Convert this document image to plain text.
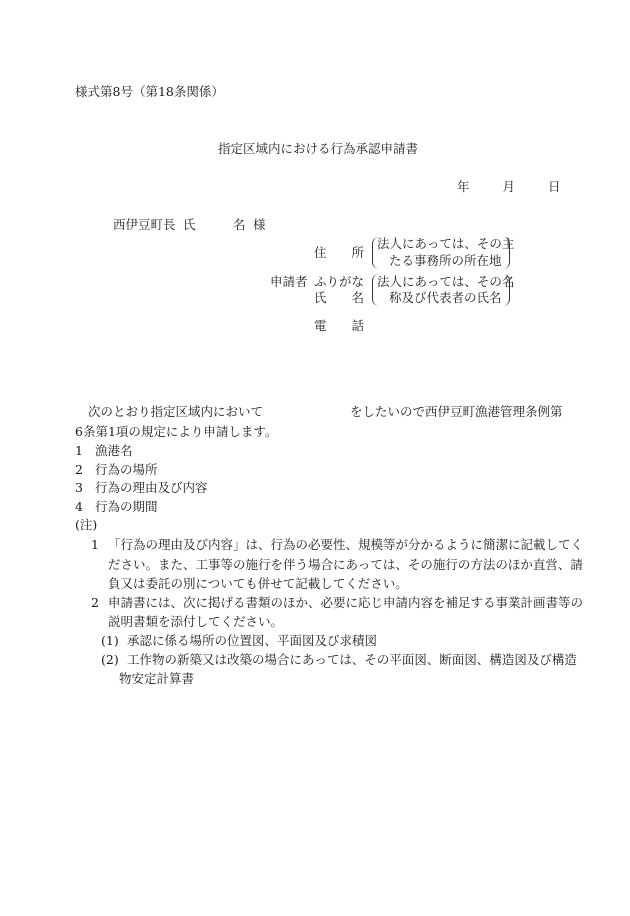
様式第8号（第18条関係）
指定区域内における行為承認申請書
年	月	日
西伊豆町長 氏　　　名 様
住　　所
法人にあっては、その主
たる事務所の所在地
申請者 ふりがな
氏　　名
法人にあっては、その名
称及び代表者の氏名
電　　話
次のとおり指定区域内において	をしたいので西伊豆町漁港管理条例第
6条第1項の規定により申請します。
1 漁港名
2 行為の場所
3 行為の理由及び内容
4 行為の期間
(注)
1 「行為の理由及び内容」は、行為の必要性、規模等が分かるように簡潔に記載してく
ださい。また、工事等の施行を伴う場合にあっては、その施行の方法のほか直営、請
負又は委託の別についても併せて記載してください。
2 申請書には、次に掲げる書類のほか、必要に応じ申請内容を補足する事業計画書等の
説明書類を添付してください。
(1) 承認に係る場所の位置図、平面図及び求積図
(2) 工作物の新築又は改築の場合にあっては、その平面図、断面図、構造図及び構造
物安定計算書
